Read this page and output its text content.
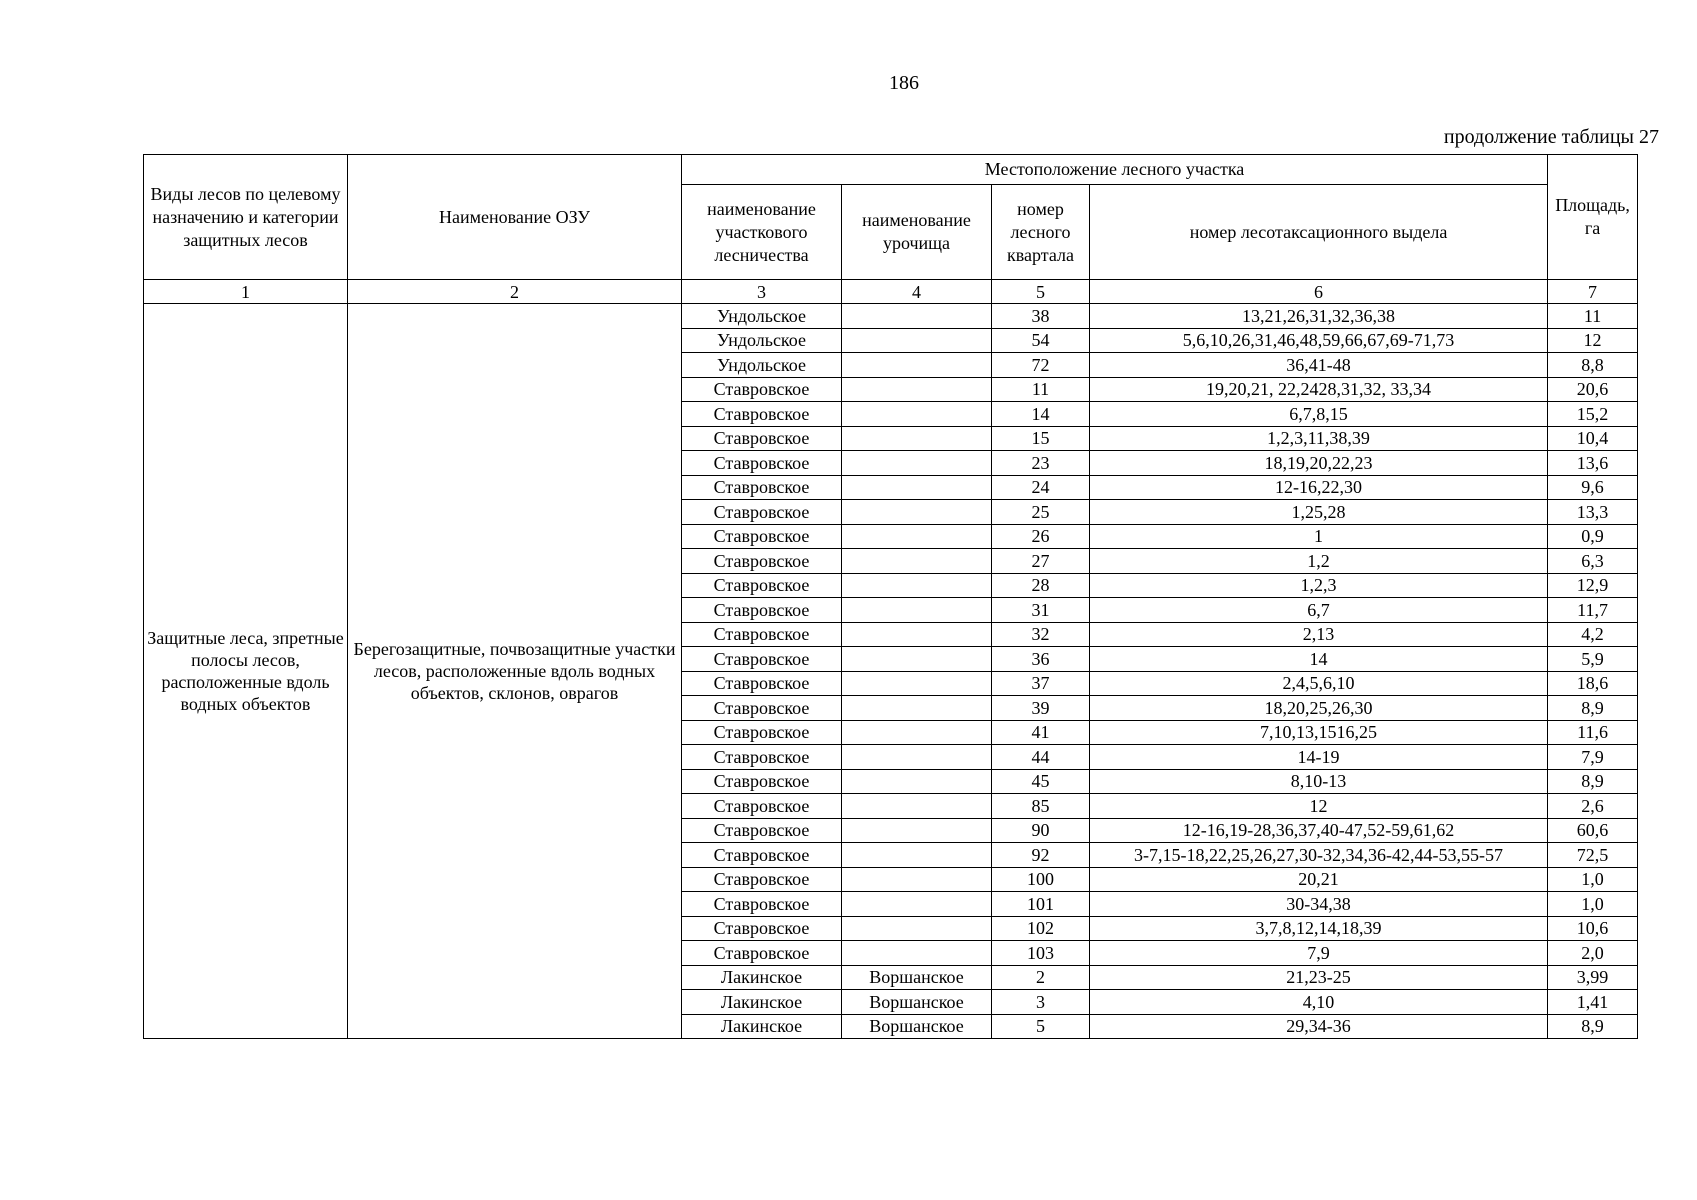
186
продолжение таблицы 27
Виды лесов по целевому назначению и категории защитных лесов	Наименование ОЗУ	Местоположение лесного участка				Площадь, га
		наименование участкового лесничества	наименование урочища	номер лесного квартала	номер лесотаксационного выдела	
1	2	3	4	5	6	7
Защитные леса, зпретные полосы лесов, расположенные вдоль водных объектов	Берегозащитные, почвозащитные участки лесов, расположенные вдоль водных объектов, склонов, оврагов	Ундольское		38	13,21,26,31,32,36,38	11
		Ундольское		54	5,6,10,26,31,46,48,59,66,67,69-71,73	12
		Ундольское		72	36,41-48	8,8
		Ставровское		11	19,20,21, 22,2428,31,32, 33,34	20,6
		Ставровское		14	6,7,8,15	15,2
		Ставровское		15	1,2,3,11,38,39	10,4
		Ставровское		23	18,19,20,22,23	13,6
		Ставровское		24	12-16,22,30	9,6
		Ставровское		25	1,25,28	13,3
		Ставровское		26	1	0,9
		Ставровское		27	1,2	6,3
		Ставровское		28	1,2,3	12,9
		Ставровское		31	6,7	11,7
		Ставровское		32	2,13	4,2
		Ставровское		36	14	5,9
		Ставровское		37	2,4,5,6,10	18,6
		Ставровское		39	18,20,25,26,30	8,9
		Ставровское		41	7,10,13,1516,25	11,6
		Ставровское		44	14-19	7,9
		Ставровское		45	8,10-13	8,9
		Ставровское		85	12	2,6
		Ставровское		90	12-16,19-28,36,37,40-47,52-59,61,62	60,6
		Ставровское		92	3-7,15-18,22,25,26,27,30-32,34,36-42,44-53,55-57	72,5
		Ставровское		100	20,21	1,0
		Ставровское		101	30-34,38	1,0
		Ставровское		102	3,7,8,12,14,18,39	10,6
		Ставровское		103	7,9	2,0
		Лакинское	Воршанское	2	21,23-25	3,99
		Лакинское	Воршанское	3	4,10	1,41
		Лакинское	Воршанское	5	29,34-36	8,9
